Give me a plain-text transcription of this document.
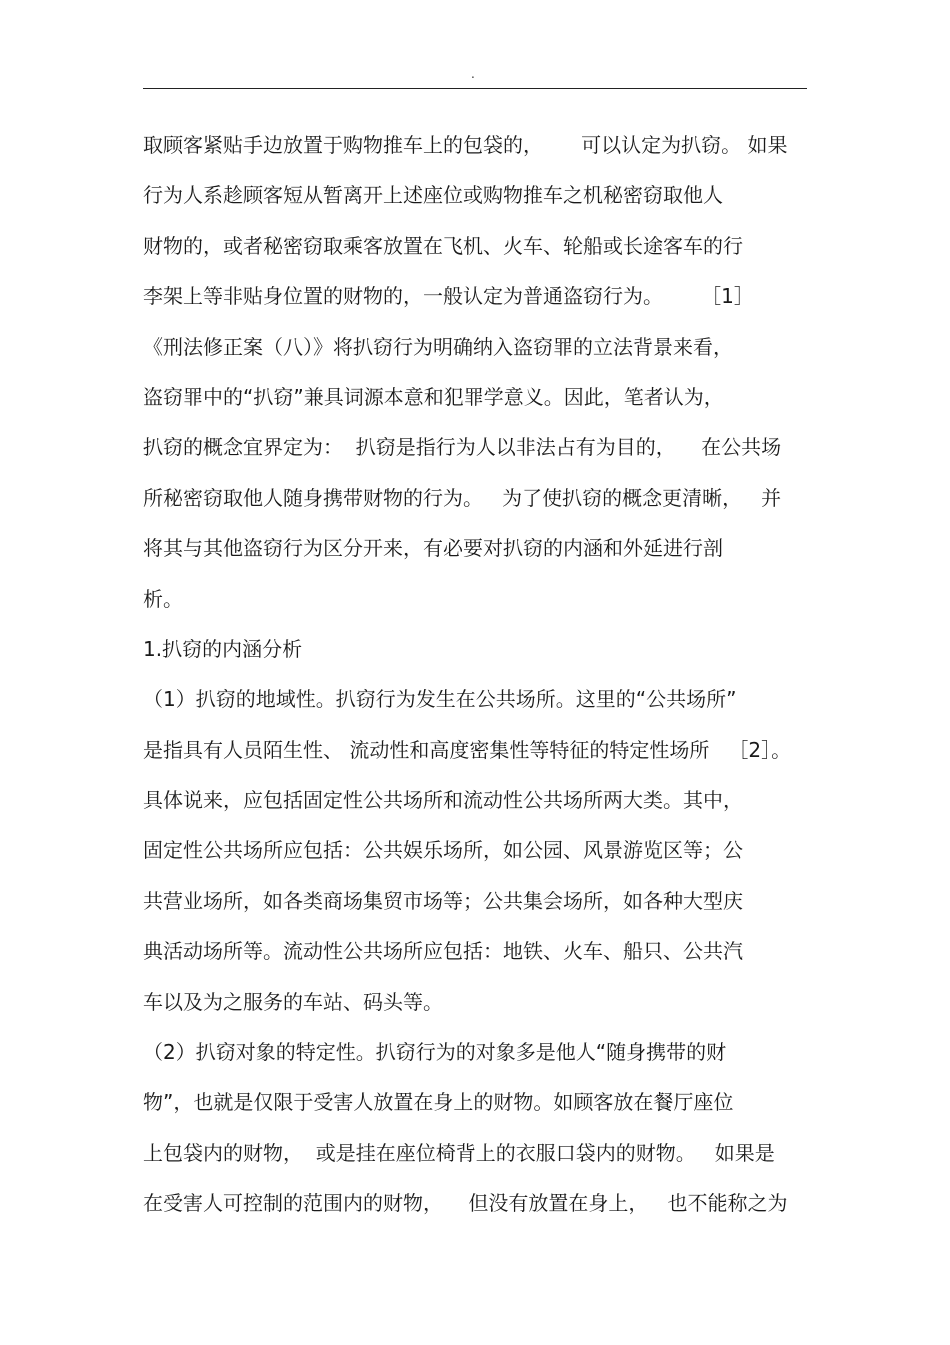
.
取顾客紧贴手边放置于购物推车上的包袋的，      可以认定为扒窃。 如果
行为人系趁顾客短从暂离开上述座位或购物推车之机秘密窃取他人
财物的，或者秘密窃取乘客放置在飞机、火车、轮船或长途客车的行
李架上等非贴身位置的财物的，一般认定为普通盗窃行为。      ［1］
《刑法修正案（八）》将扒窃行为明确纳入盗窃罪的立法背景来看，
盗窃罪中的“扒窃”兼具词源本意和犯罪学意义。因此，笔者认为，
扒窃的概念宜界定为：  扒窃是指行为人以非法占有为目的，    在公共场
所秘密窃取他人随身携带财物的行为。   为了使扒窃的概念更清晰，   并
将其与其他盗窃行为区分开来，有必要对扒窃的内涵和外延进行剖
析。
1.扒窃的内涵分析
（1）扒窃的地域性。扒窃行为发生在公共场所。这里的“公共场所”
是指具有人员陌生性、 流动性和高度密集性等特征的特定性场所   ［2］。
具体说来，应包括固定性公共场所和流动性公共场所两大类。其中，
固定性公共场所应包括：公共娱乐场所，如公园、风景游览区等；公
共营业场所，如各类商场集贸市场等；公共集会场所，如各种大型庆
典活动场所等。流动性公共场所应包括：地铁、火车、船只、公共汽
车以及为之服务的车站、码头等。
（2）扒窃对象的特定性。扒窃行为的对象多是他人“随身携带的财
物”，也就是仅限于受害人放置在身上的财物。如顾客放在餐厅座位
上包袋内的财物，  或是挂在座位椅背上的衣服口袋内的财物。   如果是
在受害人可控制的范围内的财物，    但没有放置在身上，   也不能称之为
